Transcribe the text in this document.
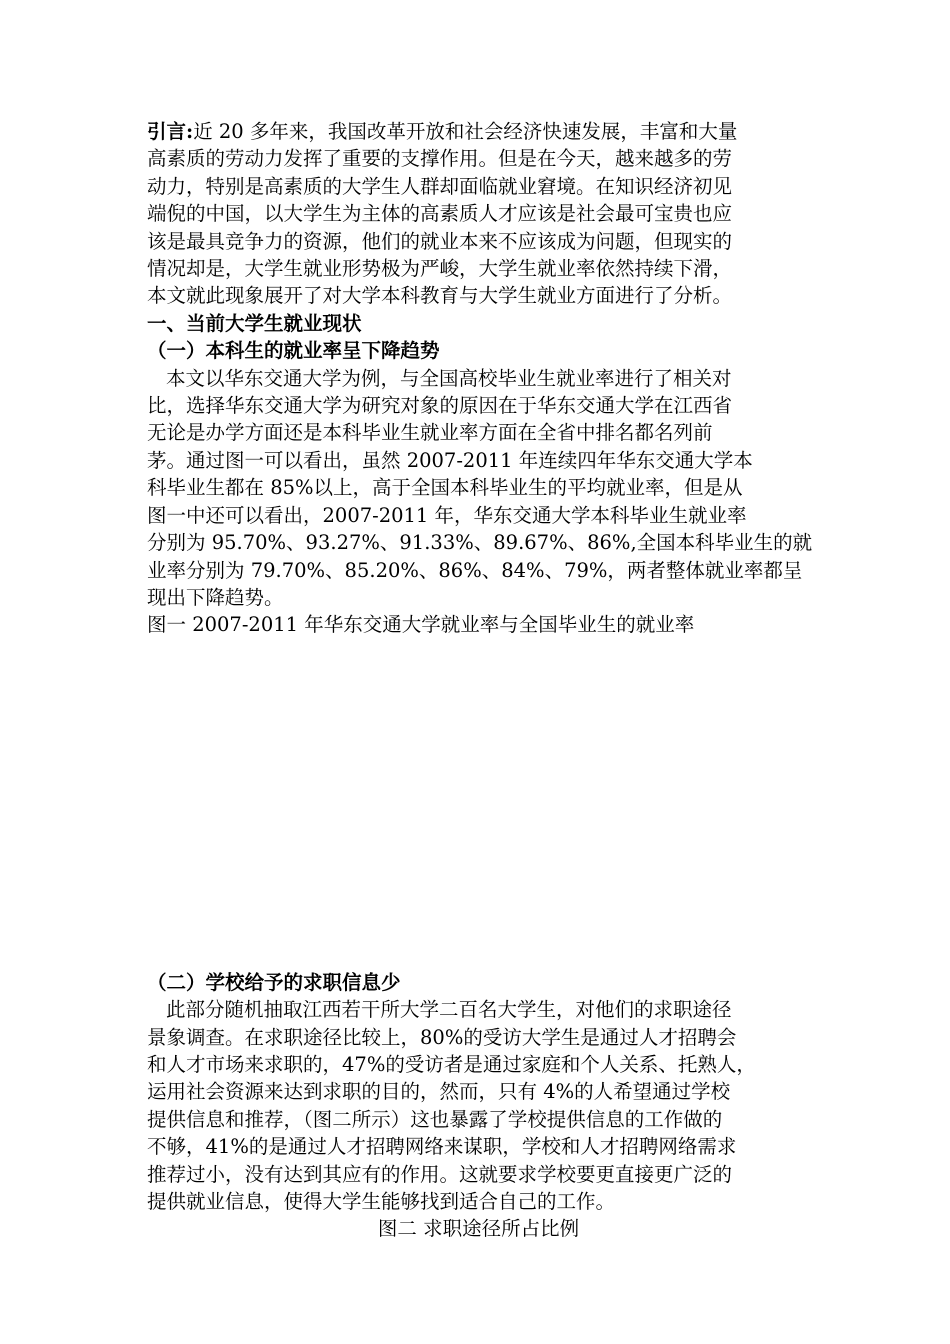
引言:近 20 多年来，我国改革开放和社会经济快速发展，丰富和大量
高素质的劳动力发挥了重要的支撑作用。但是在今天，越来越多的劳
动力，特别是高素质的大学生人群却面临就业窘境。在知识经济初见
端倪的中国，以大学生为主体的高素质人才应该是社会最可宝贵也应
该是最具竞争力的资源，他们的就业本来不应该成为问题，但现实的
情况却是，大学生就业形势极为严峻，大学生就业率依然持续下滑，
本文就此现象展开了对大学本科教育与大学生就业方面进行了分析。
一、当前大学生就业现状
（一）本科生的就业率呈下降趋势
本文以华东交通大学为例，与全国高校毕业生就业率进行了相关对
比，选择华东交通大学为研究对象的原因在于华东交通大学在江西省
无论是办学方面还是本科毕业生就业率方面在全省中排名都名列前
茅。通过图一可以看出，虽然 2007-2011 年连续四年华东交通大学本
科毕业生都在 85%以上，高于全国本科毕业生的平均就业率，但是从
图一中还可以看出，2007-2011 年，华东交通大学本科毕业生就业率
分别为 95.70%、93.27%、91.33%、89.67%、86%,全国本科毕业生的就
业率分别为 79.70%、85.20%、86%、84%、79%，两者整体就业率都呈
现出下降趋势。
图一 2007-2011 年华东交通大学就业率与全国毕业生的就业率
（二）学校给予的求职信息少
此部分随机抽取江西若干所大学二百名大学生，对他们的求职途径
景象调查。在求职途径比较上，80%的受访大学生是通过人才招聘会
和人才市场来求职的，47%的受访者是通过家庭和个人关系、托熟人，
运用社会资源来达到求职的目的，然而，只有 4%的人希望通过学校
提供信息和推荐，（图二所示）这也暴露了学校提供信息的工作做的
不够，41%的是通过人才招聘网络来谋职，学校和人才招聘网络需求
推荐过小，没有达到其应有的作用。这就要求学校要更直接更广泛的
提供就业信息，使得大学生能够找到适合自己的工作。
图二 求职途径所占比例
